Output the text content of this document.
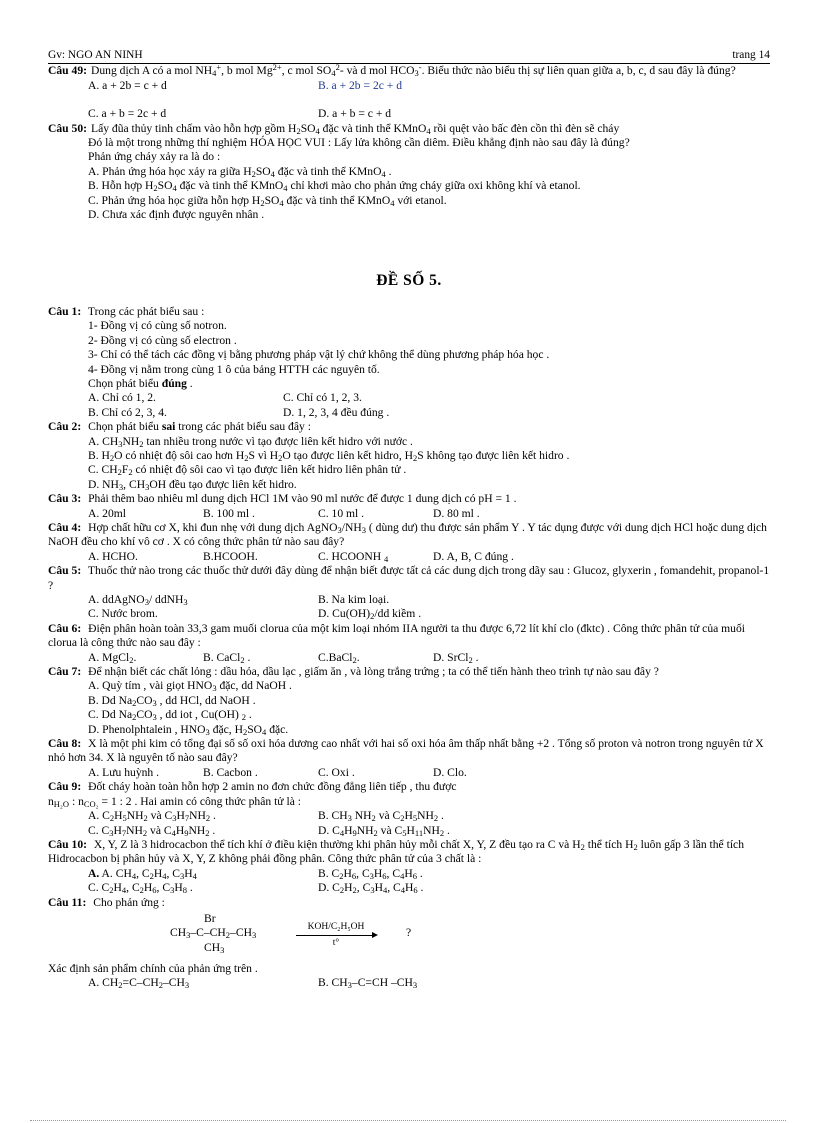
Gv: NGO AN NINH	trang 14

Câu 49: Dung dịch A có a mol $NH_4^+$, b mol $Mg^{2+}$, c mol $SO_4^2-$ và d mol $HCO_3^-$. Biểu thức nào biểu thị sự liên quan giữa a, b, c, d sau đây là đúng?

A. a + 2b = c + d	B. a + 2b = 2c + d
C. a + b = 2c + d	D. a + b = c + d

Câu 50: Lấy đũa thủy tinh chấm vào hỗn hợp gồm $H_2SO_4$ đặc và tinh thể KMnO$_4$ rồi quệt vào bấc đèn cồn thì đèn sẽ cháy

Đó là một trong những thí nghiệm HÓA HỌC VUI : Lấy lửa không cần diêm. Điều khẳng định nào sau đây là đúng?
Phản ứng cháy xảy ra là do :
A. Phản ứng hóa học xảy ra giữa $H_2SO_4$ đặc và tinh thể KMnO$_4$ .
B. Hỗn hợp $H_2SO_4$ đặc và tinh thể KMnO$_4$ chỉ khơi mào cho phản ứng cháy giữa oxi không khí và etanol.
C. Phản ứng hóa học giữa hỗn hợp $H_2SO_4$ đặc và tinh thể KMnO$_4$ với etanol.
D. Chưa xác định được nguyên nhân .
ĐỀ SỐ 5.

Câu 1: Trong các phát biểu sau :

1- Đồng vị có cùng số notron.
2- Đồng vị có cùng số electron .
3- Chỉ có thể tách các đồng vị bằng phương pháp vật lý chứ không thể dùng phương pháp hóa học .
4- Đồng vị nằm trong cùng 1 ô của bảng HTTH các nguyên tố.
Chọn phát biểu đúng .
A. Chỉ có 1, 2.	C. Chỉ có 1, 2, 3.
B. Chỉ có 2, 3, 4.	D. 1, 2, 3, 4 đều đúng .

Câu 2: Chọn phát biểu sai trong các phát biểu sau đây :

A. $CH_3NH_2$ tan nhiều trong nước vì tạo được liên kết hidro với nước .
B. $H_2O$ có nhiệt độ sôi cao hơn $H_2S$ vì $H_2O$ tạo được liên kết hidro, $H_2S$ không tạo được liên kết hidro .
C. $CH_2F_2$ có nhiệt độ sôi cao vì tạo được liên kết hidro liên phân tử .
D. $NH_3$, $CH_3OH$ đều tạo được liên kết hidro.

Câu 3: Phải thêm bao nhiêu ml dung dịch HCl 1M vào 90 ml nước để được 1 dung dịch có pH = 1 .

A. 20ml	B. 100 ml .	C. 10 ml .	D. 80 ml .

Câu 4: Hợp chất hữu cơ X, khi đun nhẹ với dung dịch $AgNO_3/NH_3$ ( dùng dư) thu được sản phẩm Y . Y tác dụng được với dung dịch HCl hoặc dung dịch NaOH đều cho khí vô cơ . X có công thức phân tử nào sau đây?

A. HCHO.	B.HCOOH.	C. HCOONH $_4$	D. A, B, C đúng .

Câu 5: Thuốc thử nào trong các thuốc thử dưới đây dùng để nhận biết được tất cả các dung dịch trong dãy sau : Glucoz, glyxerin , fomandehit, propanol-1 ?

A. ddAgNO$_3$/ ddNH$_3$	B. Na kim loại.
C. Nước brom.	D. $Cu(OH)_2/dd$ kiềm .

Câu 6: Điện phân hoàn toàn 33,3 gam muối clorua của một kim loại nhóm IIA người ta thu được 6,72 lít khí clo (đktc) . Công thức phân tử của muối clorua là công thức nào sau đây :

A. MgCl$_2$.	B. CaCl$_2$ .	C.BaCl$_2$.	D. SrCl$_2$ .

Câu 7: Để nhận biết các chất lỏng : dầu hỏa, dầu lạc , giấm ăn , và lòng trắng trứng ; ta có thể tiến hành theo trình tự nào sau đây ?

A. Quỳ tím , vài giọt $HNO_3$ đặc, dd NaOH .
B. Dd $Na_2CO_3$ , dd HCl, dd NaOH .
C. Dd $Na_2CO_3$ , dd iot , Cu(OH) $_2$ .
D. Phenolphtalein , $HNO_3$ đặc, $H_2SO_4$ đặc.

Câu 8: X là một phi kim có tổng đại số số oxi hóa dương cao nhất với hai số oxi hóa âm thấp nhất bằng +2 . Tổng số proton và notron trong nguyên tử X nhỏ hơn 34. X là nguyên tố nào sau đây?

A. Lưu huỳnh .	B. Cacbon .	C. Oxi .	D. Clo.

Câu 9: Đốt cháy hoàn toàn hỗn hợp 2 amin no đơn chức đồng đẳng liên tiếp , thu được

$n_{H_2O}$ : $n_{CO_2} = 1$ : 2 . Hai amin có công thức phân tử là :
A. $C_2H_5NH_2$ và $C_3H_7NH_2$ .	B. $CH_3$ $NH_2$ và $C_2H_5NH_2$ .
C. $C_3H_7NH_2$ và $C_4H_9NH_2$ .	D. $C_4H_9NH_2$ và $C_5H_{11}NH_2$ .

Câu 10: X, Y, Z là 3 hidrocacbon thể tích khí ở điều kiện thường khi phân hủy mỗi chất X, Y, Z đều tạo ra C và $H_2$ thể tích $H_2$ luôn gấp 3 lần thể tích Hidrocacbon bị phân hủy và X, Y, Z không phải đồng phân. Công thức phân tử của 3 chất là :

A. A. $CH_4$, $C_2H_4$, $C_3H_4$	B. $C_2H_6$, $C_3H_6$, $C_4H_6$ .
C. $C_2H_4$, $C_2H_6$, $C_3H_8$ .	D. $C_2H_2$, $C_3H_4$, $C_4H_6$ .

Câu 11: Cho phản ứng :

Br
$CH_3-C-CH_2-CH_3$
$CH_3$
KOH/C₂H₅OH
t°
?
Xác định sản phẩm chính của phản ứng trên .
A. $CH_2=C-CH_2-CH_3$	B. $CH_3-C=CH$ $-CH_3$
